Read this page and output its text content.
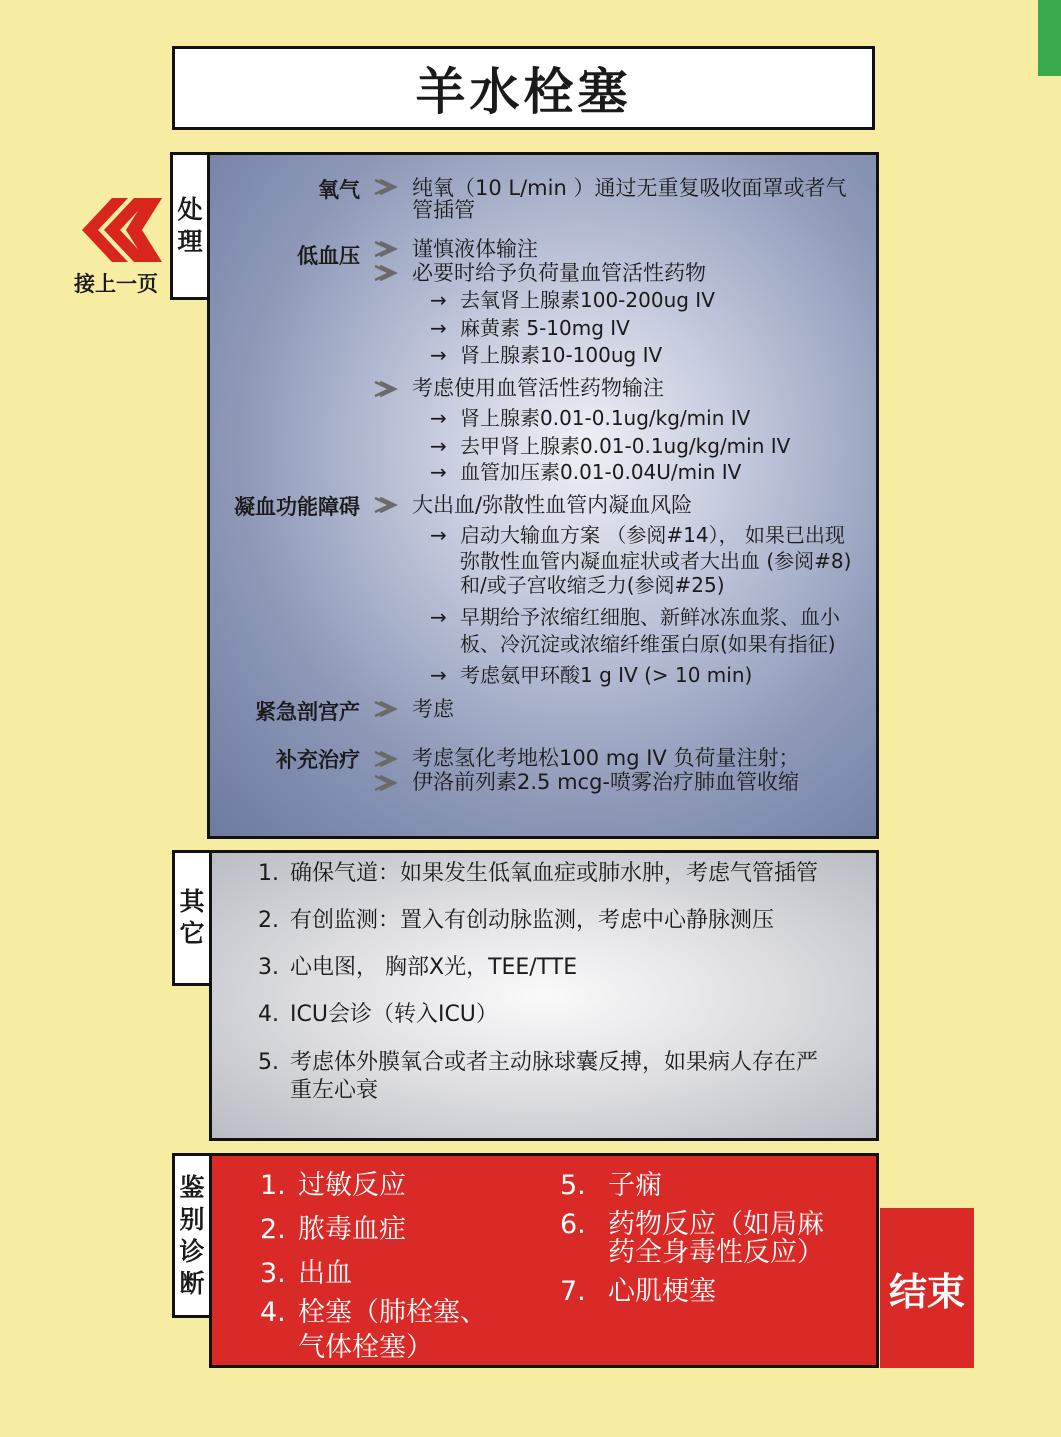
羊水栓塞
接上一页
处
理
氧气 纯氧（10 L/min ）通过无重复吸收面罩或者气
管插管
低血压 谨慎液体输注
必要时给予负荷量血管活性药物
→ 去氧肾上腺素100-200ug IV
→ 麻黄素 5-10mg IV
→ 肾上腺素10-100ug IV
考虑使用血管活性药物输注
→ 肾上腺素0.01-0.1ug/kg/min IV
→ 去甲肾上腺素0.01-0.1ug/kg/min IV
→ 血管加压素0.01-0.04U/min IV
凝血功能障碍 大出血/弥散性血管内凝血风险
→ 启动大输血方案 （参阅#14）， 如果已出现
弥散性血管内凝血症状或者大出血 (参阅#8)
和/或子宫收缩乏力(参阅#25)
→ 早期给予浓缩红细胞、新鲜冰冻血浆、血小
板、冷沉淀或浓缩纤维蛋白原(如果有指征)
→ 考虑氨甲环酸1 g IV (> 10 min)
紧急剖宫产 考虑
补充治疗 考虑氢化考地松100 mg IV 负荷量注射；
伊洛前列素2.5 mcg-喷雾治疗肺血管收缩
其
它
1. 确保气道：如果发生低氧血症或肺水肿，考虑气管插管
2. 有创监测：置入有创动脉监测，考虑中心静脉测压
3. 心电图， 胸部X光，TEE/TTE
4. ICU会诊（转入ICU）
5. 考虑体外膜氧合或者主动脉球囊反搏，如果病人存在严
重左心衰
鉴
别
诊
断
1. 过敏反应
2. 脓毒血症
3. 出血
4. 栓塞（肺栓塞、
气体栓塞）
5. 子痫
6. 药物反应（如局麻
药全身毒性反应）
7. 心肌梗塞	结束
